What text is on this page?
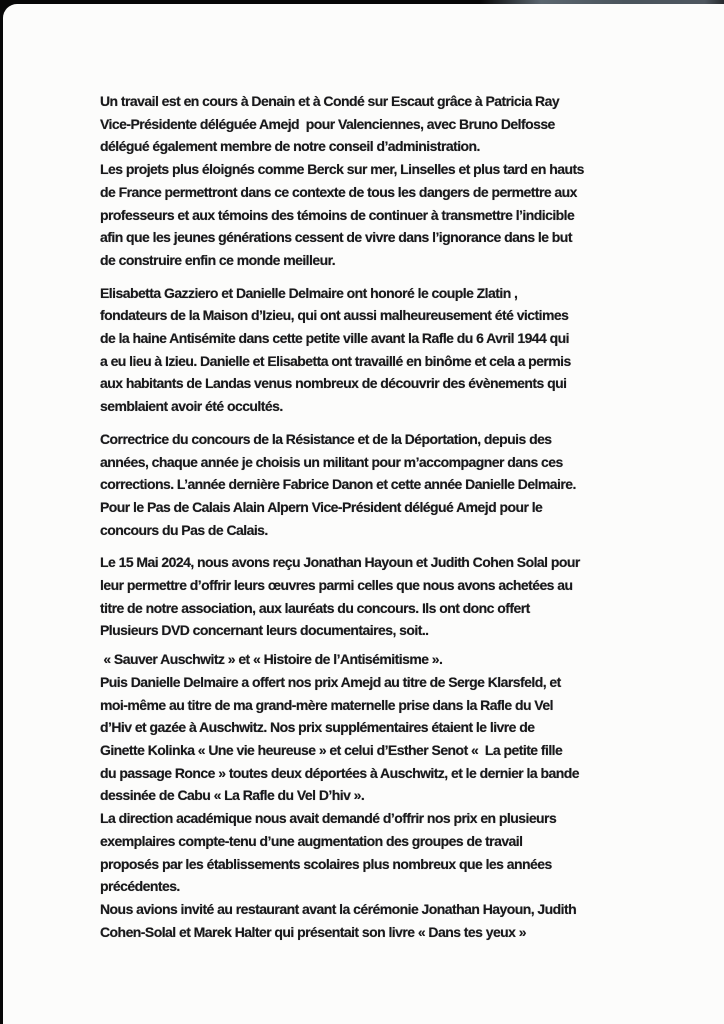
Un travail est en cours à Denain et à Condé sur Escaut grâce à Patricia Ray
Vice-Présidente déléguée Amejd  pour Valenciennes, avec Bruno Delfosse
délégué également membre de notre conseil d’administration.
Les projets plus éloignés comme Berck sur mer, Linselles et plus tard en hauts
de France permettront dans ce contexte de tous les dangers de permettre aux
professeurs et aux témoins des témoins de continuer à transmettre l’indicible
afin que les jeunes générations cessent de vivre dans l’ignorance dans le but
de construire enfin ce monde meilleur.

Elisabetta Gazziero et Danielle Delmaire ont honoré le couple Zlatin ,
fondateurs de la Maison d’Izieu, qui ont aussi malheureusement été victimes
de la haine Antisémite dans cette petite ville avant la Rafle du 6 Avril 1944 qui
a eu lieu à Izieu. Danielle et Elisabetta ont travaillé en binôme et cela a permis
aux habitants de Landas venus nombreux de découvrir des évènements qui
semblaient avoir été occultés.

Correctrice du concours de la Résistance et de la Déportation, depuis des
années, chaque année je choisis un militant pour m’accompagner dans ces
corrections. L’année dernière Fabrice Danon et cette année Danielle Delmaire.
Pour le Pas de Calais Alain Alpern Vice-Président délégué Amejd pour le
concours du Pas de Calais.

Le 15 Mai 2024, nous avons reçu Jonathan Hayoun et Judith Cohen Solal pour
leur permettre d’offrir leurs œuvres parmi celles que nous avons achetées au
titre de notre association, aux lauréats du concours. Ils ont donc offert
Plusieurs DVD concernant leurs documentaires, soit..

« Sauver Auschwitz » et « Histoire de l’Antisémitisme ».
Puis Danielle Delmaire a offert nos prix Amejd au titre de Serge Klarsfeld, et
moi-même au titre de ma grand-mère maternelle prise dans la Rafle du Vel
d’Hiv et gazée à Auschwitz. Nos prix supplémentaires étaient le livre de
Ginette Kolinka « Une vie heureuse » et celui d’Esther Senot «  La petite fille
du passage Ronce » toutes deux déportées à Auschwitz, et le dernier la bande
dessinée de Cabu « La Rafle du Vel D’hiv ».
La direction académique nous avait demandé d’offrir nos prix en plusieurs
exemplaires compte-tenu d’une augmentation des groupes de travail
proposés par les établissements scolaires plus nombreux que les années
précédentes.
Nous avions invité au restaurant avant la cérémonie Jonathan Hayoun, Judith
Cohen-Solal et Marek Halter qui présentait son livre « Dans tes yeux »
